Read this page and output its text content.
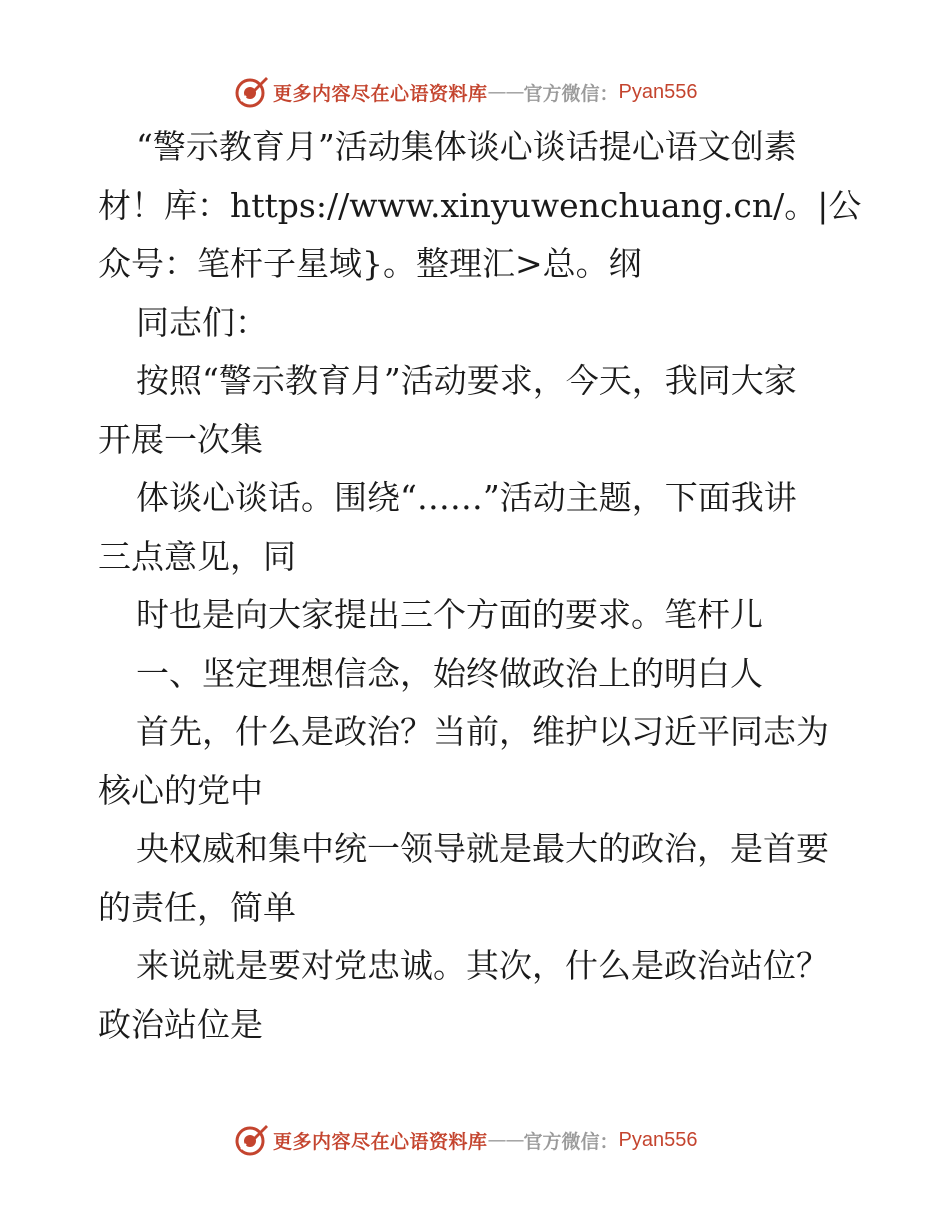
更多内容尽在心语资料库 —— 官方微信： Pyan556
“警示教育月”活动集体谈心谈话提心语文创素
材！库：https://www.xinyuwenchuang.cn/。|公
众号：笔杆子星域}。整理汇>总。纲
同志们：
按照“警示教育月”活动要求，今天，我同大家
开展一次集
体谈心谈话。围绕“……”活动主题，下面我讲
三点意见，同
时也是向大家提出三个方面的要求。笔杆儿
一、坚定理想信念，始终做政治上的明白人
首先，什么是政治？当前，维护以习近平同志为
核心的党中
央权威和集中统一领导就是最大的政治，是首要
的责任，简单
来说就是要对党忠诚。其次，什么是政治站位？
政治站位是
更多内容尽在心语资料库 —— 官方微信： Pyan556
